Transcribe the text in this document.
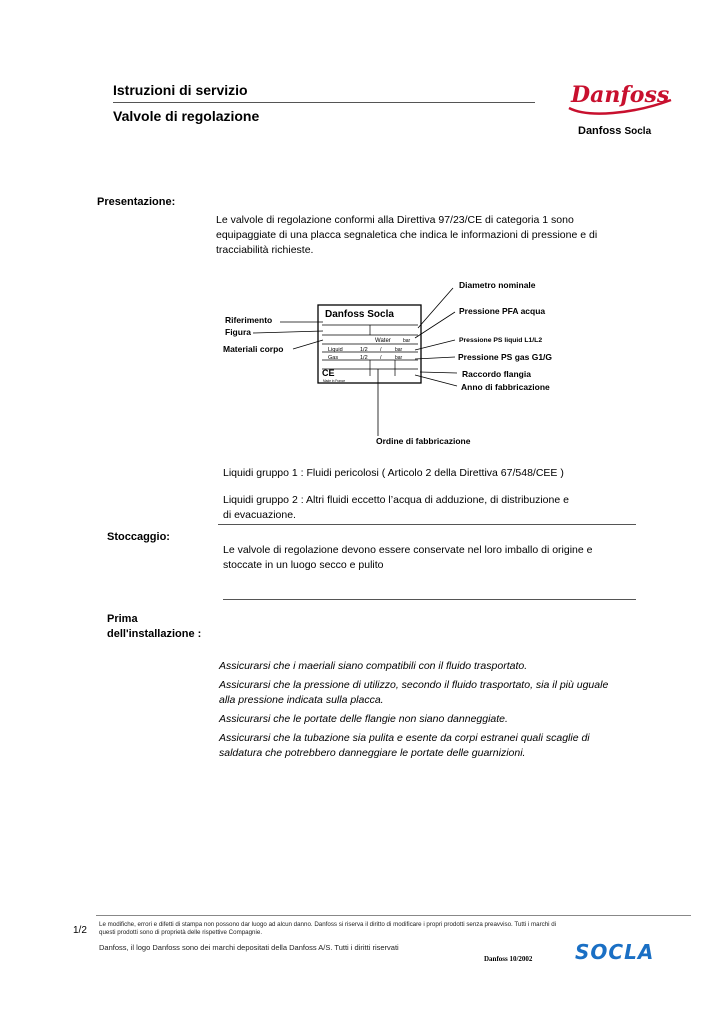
Istruzioni di servizio
Valvole di regolazione
Danfoss
Danfoss Socla
Presentazione:
Le valvole di regolazione conformi alla Direttiva 97/23/CE di categoria 1 sono equipaggiate di una placca segnaletica che indica le informazioni di pressione e di tracciabilità richieste.
Danfoss Socla
Water bar
Liquid	1/2 /	bar
Gas	1/2 /	bar
CE
Made in France
Riferimento
Figura
Materiali corpo
Diametro nominale
Pressione PFA acqua
Pressione PS liquid L1/L2
Pressione PS gas G1/G
Raccordo flangia
Anno di fabbricazione
Ordine di fabbricazione
Liquidi gruppo 1 : Fluidi pericolosi ( Articolo 2 della Direttiva 67/548/CEE )
Liquidi gruppo 2 : Altri fluidi eccetto l’acqua di adduzione, di distribuzione e di evacuazione.
Stoccaggio:
Le valvole di regolazione devono essere conservate nel loro imballo di origine e stoccate in un luogo secco e pulito
Prima
dell'installazione :

Assicurarsi che i maeriali siano compatibili con il fluido trasportato.

Assicurarsi che la pressione di utilizzo, secondo il fluido trasportato, sia il più uguale alla pressione indicata sulla placca.

Assicurarsi che le portate delle flangie non siano danneggiate.

Assicurarsi che la tubazione sia pulita e esente da corpi estranei quali scaglie di saldatura che potrebbero danneggiare le portate delle guarnizioni.

1/2
Le modifiche, errori e difetti di stampa non possono dar luogo ad alcun danno. Danfoss si riserva il diritto di modificare i propri prodotti senza preavviso. Tutti i marchi di questi prodotti sono di proprietà delle rispettive Compagnie.
Danfoss, il logo Danfoss sono dei marchi depositati della Danfoss A/S. Tutti i diritti riservati
Danfoss 10/2002 SOCLA
